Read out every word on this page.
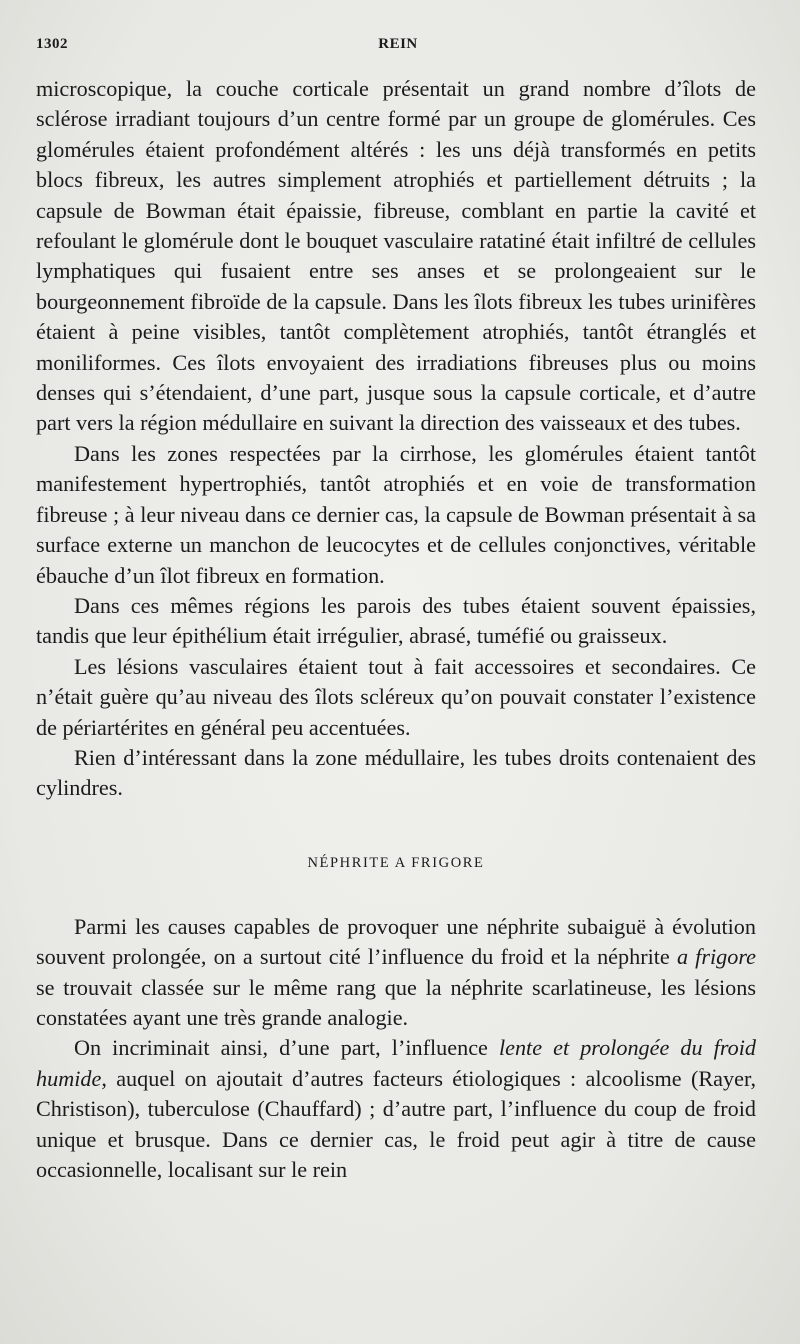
1302	REIN

microscopique, la couche corticale présentait un grand nombre d’îlots de sclérose irradiant toujours d’un centre formé par un groupe de glomérules. Ces glomérules étaient profondément altérés : les uns déjà transformés en petits blocs fibreux, les autres simplement atrophiés et partiellement détruits ; la capsule de Bowman était épaissie, fibreuse, comblant en partie la cavité et refoulant le glomérule dont le bouquet vasculaire ratatiné était infiltré de cellules lymphatiques qui fusaient entre ses anses et se prolongeaient sur le bourgeonnement fibroïde de la capsule. Dans les îlots fibreux les tubes urinifères étaient à peine visibles, tantôt complètement atrophiés, tantôt étranglés et moniliformes. Ces îlots envoyaient des irradiations fibreuses plus ou moins denses qui s’étendaient, d’une part, jusque sous la capsule corticale, et d’autre part vers la région médullaire en suivant la direction des vaisseaux et des tubes.

Dans les zones respectées par la cirrhose, les glomérules étaient tantôt manifestement hypertrophiés, tantôt atrophiés et en voie de transformation fibreuse ; à leur niveau dans ce dernier cas, la capsule de Bowman présentait à sa surface externe un manchon de leucocytes et de cellules conjonctives, véritable ébauche d’un îlot fibreux en formation.

Dans ces mêmes régions les parois des tubes étaient souvent épaissies, tandis que leur épithélium était irrégulier, abrasé, tuméfié ou graisseux.

Les lésions vasculaires étaient tout à fait accessoires et secondaires. Ce n’était guère qu’au niveau des îlots scléreux qu’on pouvait constater l’existence de périartérites en général peu accentuées.

Rien d’intéressant dans la zone médullaire, les tubes droits contenaient des cylindres.

NÉPHRITE A FRIGORE

Parmi les causes capables de provoquer une néphrite subaiguë à évolution souvent prolongée, on a surtout cité l’influence du froid et la néphrite a frigore se trouvait classée sur le même rang que la néphrite scarlatineuse, les lésions constatées ayant une très grande analogie.

On incriminait ainsi, d’une part, l’influence lente et prolongée du froid humide, auquel on ajoutait d’autres facteurs étiologiques : alcoolisme (Rayer, Christison), tuberculose (Chauffard) ; d’autre part, l’influence du coup de froid unique et brusque. Dans ce dernier cas, le froid peut agir à titre de cause occasionnelle, localisant sur le rein
